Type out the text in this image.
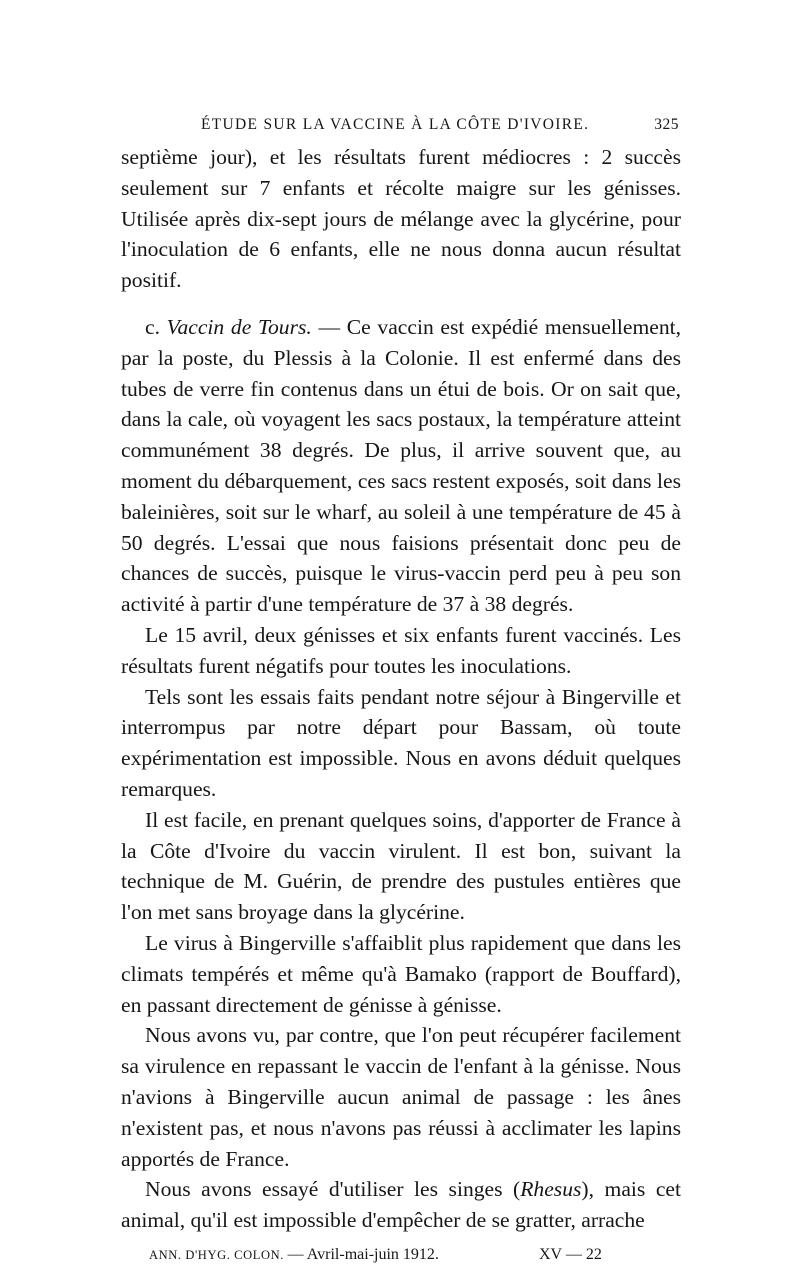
ÉTUDE SUR LA VACCINE À LA CÔTE D'IVOIRE.	325

septième jour), et les résultats furent médiocres : 2 succès seulement sur 7 enfants et récolte maigre sur les génisses. Utilisée après dix-sept jours de mélange avec la glycérine, pour l'inoculation de 6 enfants, elle ne nous donna aucun résultat positif.

c. Vaccin de Tours. — Ce vaccin est expédié mensuellement, par la poste, du Plessis à la Colonie. Il est enfermé dans des tubes de verre fin contenus dans un étui de bois. Or on sait que, dans la cale, où voyagent les sacs postaux, la température atteint communément 38 degrés. De plus, il arrive souvent que, au moment du débarquement, ces sacs restent exposés, soit dans les baleinières, soit sur le wharf, au soleil à une température de 45 à 50 degrés. L'essai que nous faisions présentait donc peu de chances de succès, puisque le virus-vaccin perd peu à peu son activité à partir d'une température de 37 à 38 degrés.

Le 15 avril, deux génisses et six enfants furent vaccinés. Les résultats furent négatifs pour toutes les inoculations.

Tels sont les essais faits pendant notre séjour à Bingerville et interrompus par notre départ pour Bassam, où toute expérimentation est impossible. Nous en avons déduit quelques remarques.

Il est facile, en prenant quelques soins, d'apporter de France à la Côte d'Ivoire du vaccin virulent. Il est bon, suivant la technique de M. Guérin, de prendre des pustules entières que l'on met sans broyage dans la glycérine.

Le virus à Bingerville s'affaiblit plus rapidement que dans les climats tempérés et même qu'à Bamako (rapport de Bouffard), en passant directement de génisse à génisse.

Nous avons vu, par contre, que l'on peut récupérer facilement sa virulence en repassant le vaccin de l'enfant à la génisse. Nous n'avions à Bingerville aucun animal de passage : les ânes n'existent pas, et nous n'avons pas réussi à acclimater les lapins apportés de France.

Nous avons essayé d'utiliser les singes (Rhesus), mais cet animal, qu'il est impossible d'empêcher de se gratter, arrache

ANN. D'HYG. COLON. — Avril-mai-juin 1912.	XV — 22
